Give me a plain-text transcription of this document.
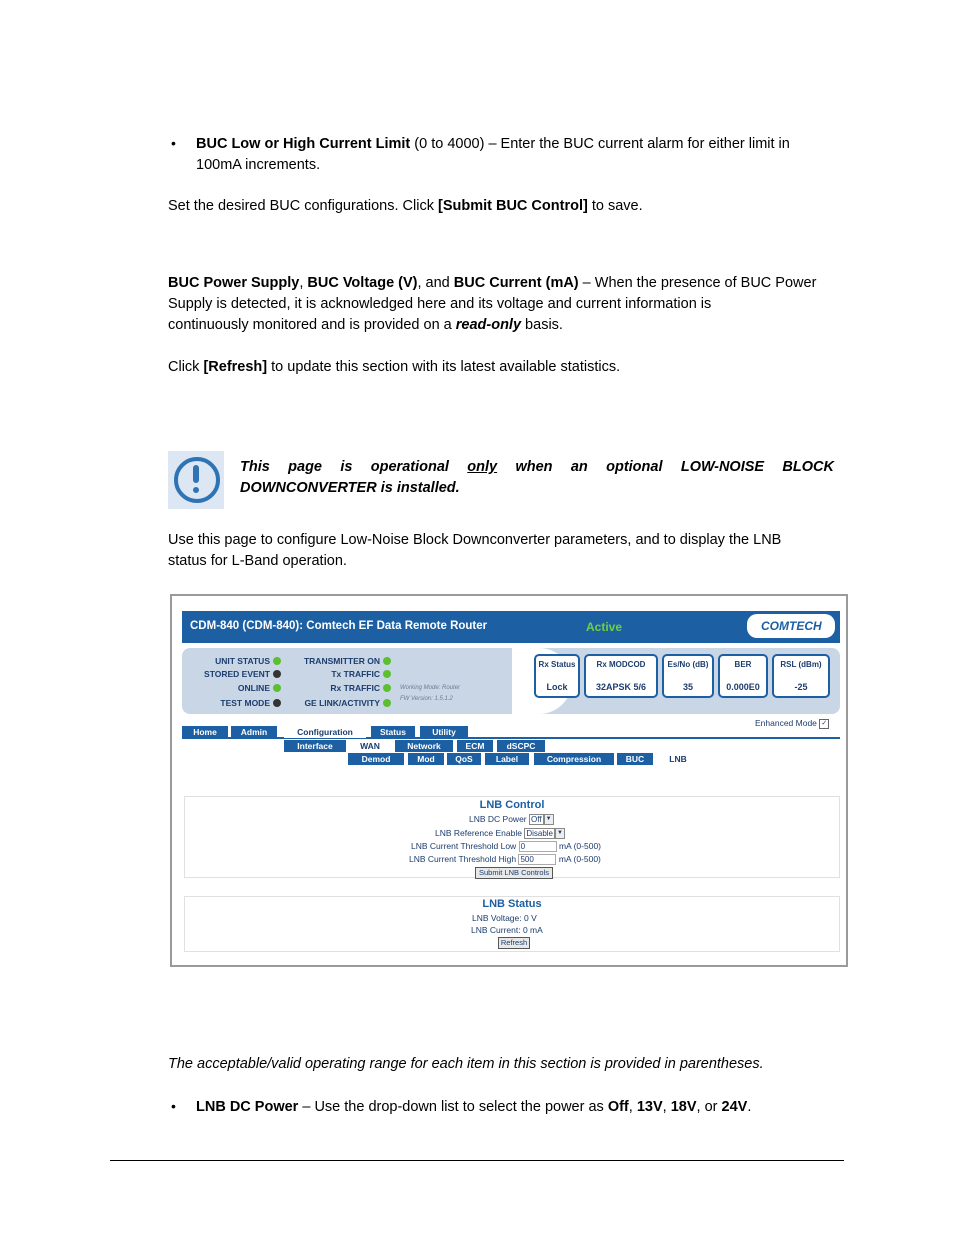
• BUC Low or High Current Limit (0 to 4000) – Enter the BUC current alarm for either limit in
100mA increments.

Set the desired BUC configurations. Click [Submit BUC Control] to save.

BUC Power Supply, BUC Voltage (V), and BUC Current (mA) – When the presence of BUC Power
Supply is detected, it is acknowledged here and its voltage and current information is
continuously monitored and is provided on a read-only basis.

Click [Refresh] to update this section with its latest available statistics.

This page is operational only when an optional LOW-NOISE BLOCK
DOWNCONVERTER is installed.

Use this page to configure Low-Noise Block Downconverter parameters, and to display the LNB
status for L-Band operation.

CDM-840 (CDM-840): Comtech EF Data Remote Router	Active	COMTECH
UNIT STATUS
STORED EVENT
ONLINE
TEST MODE
TRANSMITTER ON
Tx TRAFFIC
Rx TRAFFIC
GE LINK/ACTIVITY
Working Mode: Router
FW Version: 1.5.1.2
Rx Status
Lock
Rx MODCOD
32APSK 5/6
Es/No (dB)
35
BER
0.000E0
RSL (dBm)
-25
Enhanced Mode ✓
Home	Admin	Configuration	Status	Utility
Interface	WAN	Network	ECM	dSCPC
Demod	Mod	QoS	Label	Compression	BUC	LNB
LNB Control
LNB DC Power Off ▼
LNB Reference Enable Disable ▼
LNB Current Threshold Low 0	mA (0-500)
LNB Current Threshold High 500	mA (0-500)
Submit LNB Controls
LNB Status
LNB Voltage: 0 V
LNB Current: 0 mA
Refresh

The acceptable/valid operating range for each item in this section is provided in parentheses.

• LNB DC Power – Use the drop-down list to select the power as Off, 13V, 18V, or 24V.
